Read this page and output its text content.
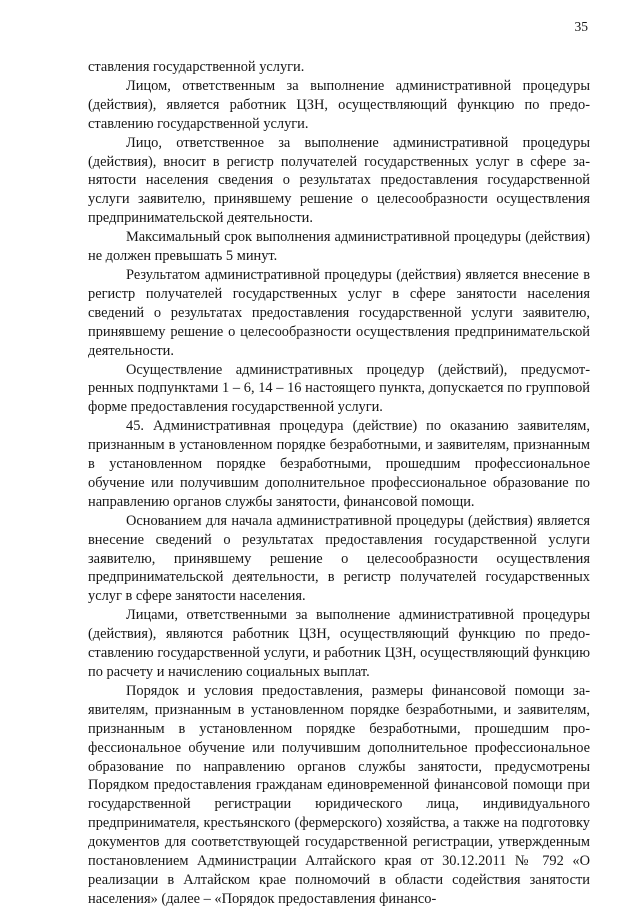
35

ставления государственной услуги.

Лицом, ответственным за выполнение административной процедуры (действия), является работник ЦЗН, осуществляющий функцию по предоставлению государственной услуги.

Лицо, ответственное за выполнение административной процедуры (действия), вносит в регистр получателей государственных услуг в сфере занятости населения сведения о результатах предоставления государственной услуги заявителю, принявшему решение о целесообразности осуществления предпринимательской деятельности.

Максимальный срок выполнения административной процедуры (действия) не должен превышать 5 минут.

Результатом административной процедуры (действия) является внесение в регистр получателей государственных услуг в сфере занятости населения сведений о результатах предоставления государственной услуги заявителю, принявшему решение о целесообразности осуществления предпринимательской деятельности.

Осуществление административных процедур (действий), предусмотренных подпунктами 1 – 6, 14 – 16 настоящего пункта, допускается по групповой форме предоставления государственной услуги.

45. Административная процедура (действие) по оказанию заявителям, признанным в установленном порядке безработными, и заявителям, признанным в установленном порядке безработными, прошедшим профессиональное обучение или получившим дополнительное профессиональное образование по направлению органов службы занятости, финансовой помощи.

Основанием для начала административной процедуры (действия) является внесение сведений о результатах предоставления государственной услуги заявителю, принявшему решение о целесообразности осуществления предпринимательской деятельности, в регистр получателей государственных услуг в сфере занятости населения.

Лицами, ответственными за выполнение административной процедуры (действия), являются работник ЦЗН, осуществляющий функцию по предоставлению государственной услуги, и работник ЦЗН, осуществляющий функцию по расчету и начислению социальных выплат.

Порядок и условия предоставления, размеры финансовой помощи заявителям, признанным в установленном порядке безработными, и заявителям, признанным в установленном порядке безработными, прошедшим профессиональное обучение или получившим дополнительное профессиональное образование по направлению органов службы занятости, предусмотрены Порядком предоставления гражданам единовременной финансовой помощи при государственной регистрации юридического лица, индивидуального предпринимателя, крестьянского (фермерского) хозяйства, а также на подготовку документов для соответствующей государственной регистрации, утвержденным постановлением Администрации Алтайского края от 30.12.2011 № 792 «О реализации в Алтайском крае полномочий в области содействия занятости населения» (далее – «Порядок предоставления финансо-
